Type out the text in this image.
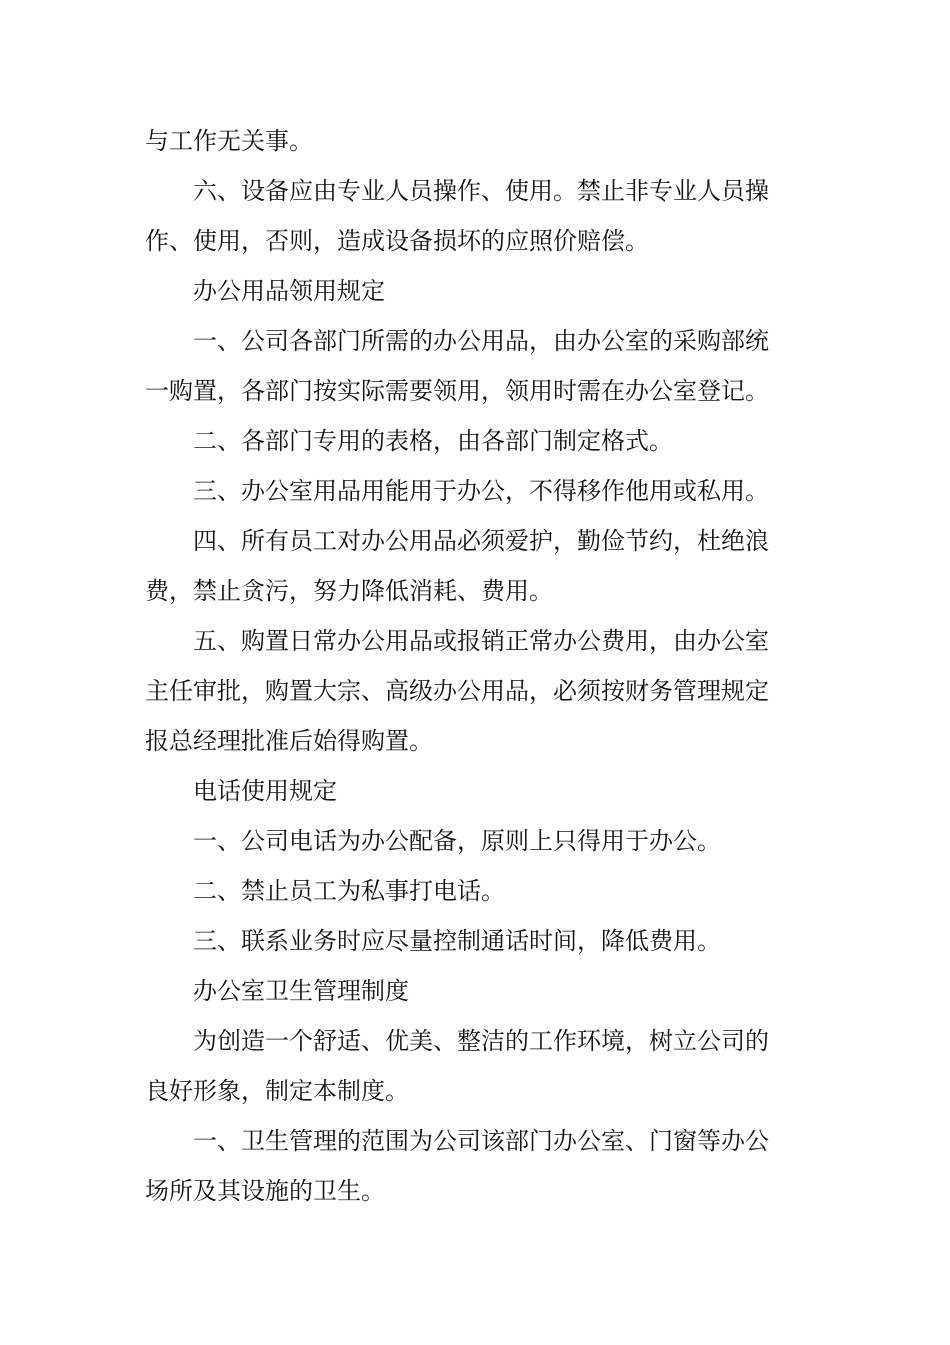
与工作无关事。
六、设备应由专业人员操作、使用。禁止非专业人员操
作、使用，否则，造成设备损坏的应照价赔偿。
办公用品领用规定
一、公司各部门所需的办公用品，由办公室的采购部统
一购置，各部门按实际需要领用，领用时需在办公室登记。
二、各部门专用的表格，由各部门制定格式。
三、办公室用品用能用于办公，不得移作他用或私用。
四、所有员工对办公用品必须爱护，勤俭节约，杜绝浪
费，禁止贪污，努力降低消耗、费用。
五、购置日常办公用品或报销正常办公费用，由办公室
主任审批，购置大宗、高级办公用品，必须按财务管理规定
报总经理批准后始得购置。
电话使用规定
一、公司电话为办公配备，原则上只得用于办公。
二、禁止员工为私事打电话。
三、联系业务时应尽量控制通话时间，降低费用。
办公室卫生管理制度
为创造一个舒适、优美、整洁的工作环境，树立公司的
良好形象，制定本制度。
一、卫生管理的范围为公司该部门办公室、门窗等办公
场所及其设施的卫生。
